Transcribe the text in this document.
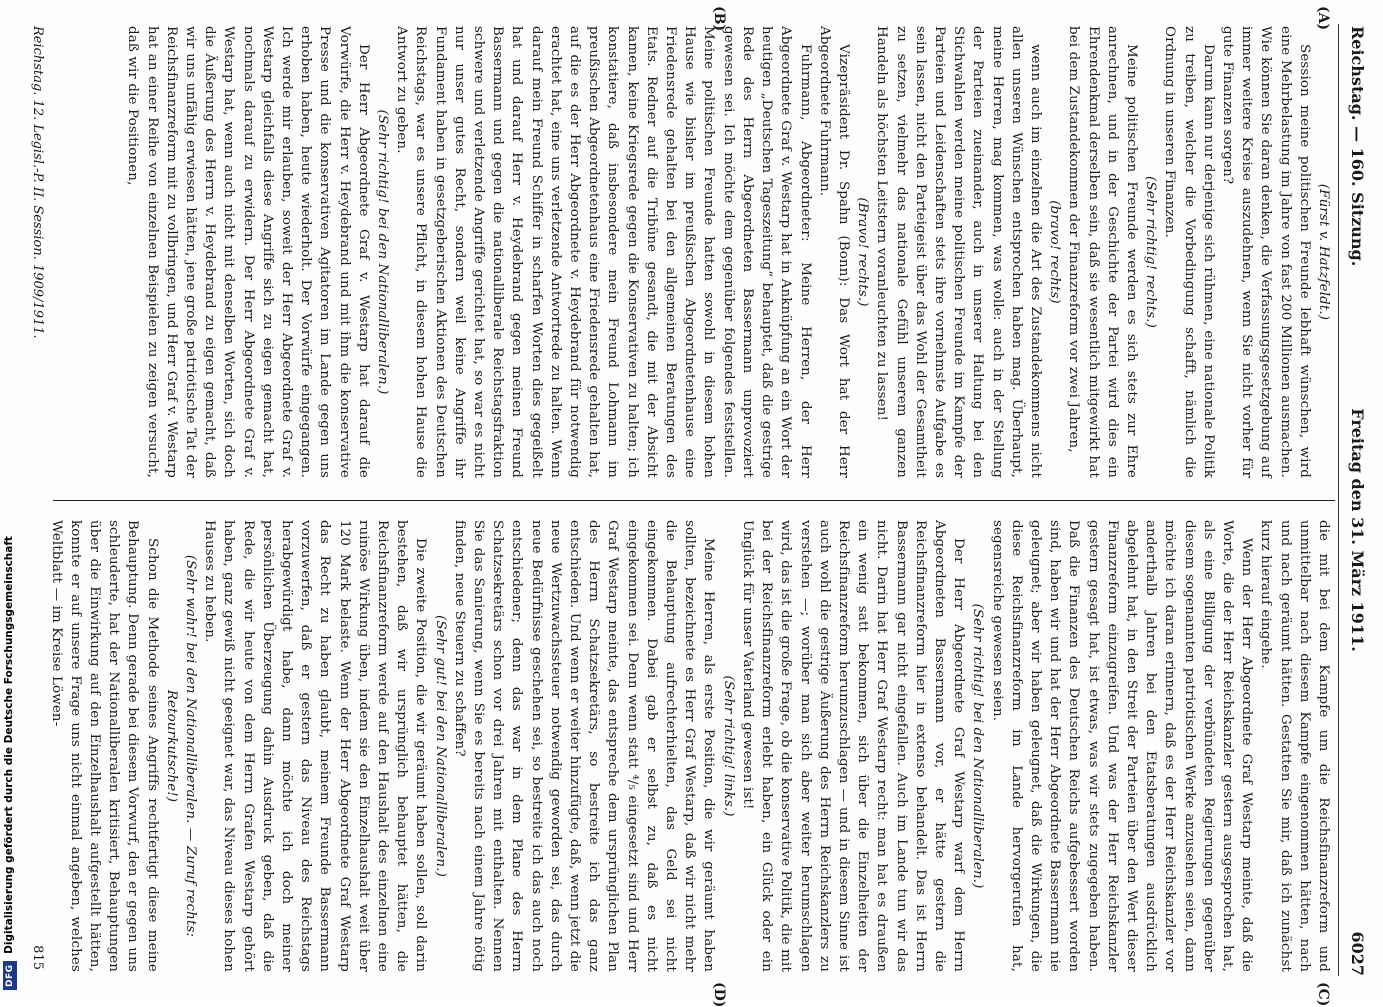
DFG Digitalisierung gefördert durch die Deutsche Forschungsgemeinschaft
Reichstag. — 160. Sitzung.
Freitag den 31. März 1911.
6027
(A)
(B)
(C)
(D)

(Fürst v. Hatzfeldt.)

Session meine politischen Freunde lebhaft wünschen, wird eine Mehrbelastung im Jahre von fast 200 Millionen ausmachen. Wie können Sie daran denken, die Verfassungsgesetzgebung auf immer weitere Kreise auszudehnen, wenn Sie nicht vorher für gute Finanzen sorgen?

Darum kann nur derjenige sich rühmen, eine nationale Politik zu treiben, welcher die Vorbedingung schafft, nämlich die Ordnung in unseren Finanzen.

(Sehr richtig! rechts.)

Meine politischen Freunde werden es sich stets zur Ehre anrechnen, und in der Geschichte der Partei wird dies ein Ehrendenkmal derselben sein, daß sie wesentlich mitgewirkt hat bei dem Zustandekommen der Finanzreform vor zwei Jahren,

(bravo! rechts)

wenn auch im einzelnen die Art des Zustandekommens nicht allen unseren Wünschen entsprochen haben mag. Überhaupt, meine Herren, mag kommen, was wolle: auch in der Stellung der Parteien zueinander, auch in unserer Haltung bei den Stichwahlen werden meine politischen Freunde im Kampfe der Parteien und Leidenschaften stets ihre vornehmste Aufgabe es sein lassen, nicht den Parteigeist über das Wohl der Gesamtheit zu setzen, vielmehr das nationale Gefühl unserem ganzen Handeln als höchsten Leitstern voranleuchten zu lassen!

(Bravo! rechts.)

Vizepräsident Dr. Spahn (Bonn): Das Wort hat der Herr Abgeordnete Fuhrmann.

Fuhrmann, Abgeordneter: Meine Herren, der Herr Abgeordnete Graf v. Westarp hat in Anknüpfung an ein Wort der heutigen „Deutschen Tageszeitung“ behauptet, daß die gestrige Rede des Herrn Abgeordneten Bassermann unprovoziert gewesen sei. Ich möchte dem gegenüber folgendes feststellen. Meine politischen Freunde hatten sowohl in diesem hohen Hause wie bisher im preußischen Abgeordnetenhause eine Friedensrede gehalten bei den allgemeinen Beratungen des Etats. Redner auf die Tribüne gesandt, die mit der Absicht kamen, keine Kriegsrede gegen die Konservativen zu halten; ich konstatiere, daß insbesondere mein Freund Lohmann im preußischen Abgeordnetenhaus eine Friedensrede gehalten hat, auf die es der Herr Abgeordnete v. Heydebrand für notwendig erachtet hat, eine uns verletzende Antwortrede zu halten. Wenn darauf mein Freund Schiffer in scharfen Worten dies gegeißelt hat und darauf Herr v. Heydebrand gegen meinen Freund Bassermann und gegen die nationalliberale Reichstagsfraktion schwere und verletzende Angriffe gerichtet hat, so war es nicht nur unser gutes Recht, sondern weil keine Angriffe ihr Fundament haben in gesetzgeberischen Aktionen des Deutschen Reichstags, war es unsere Pflicht, in diesem hohen Hause die Antwort zu geben.

(Sehr richtig! bei den Nationalliberalen.)

Der Herr Abgeordnete Graf v. Westarp hat darauf die Vorwürfe, die Herr v. Heydebrand und mit ihm die konservative Presse und die konservativen Agitatoren im Lande gegen uns erhoben haben, heute wiederholt. Der Vorwürfe eingegangen. Ich werde mir erlauben, soweit der Herr Abgeordnete Graf v. Westarp gleichfalls diese Angriffe sich zu eigen gemacht hat, nochmals darauf zu erwidern. Der Herr Abgeordnete Graf v. Westarp hat, wenn auch nicht mit denselben Worten, sich doch die Äußerung des Herrn v. Heydebrand zu eigen gemacht, daß wir uns unfähig erwiesen hätten, jene große patriotische Tat der Reichsfinanzreform mit zu vollbringen, und Herr Graf v. Westarp hat an einer Reihe von einzelnen Beispielen zu zeigen versucht, daß wir die Positionen,

die mit bei dem Kampfe um die Reichsfinanzreform und unmittelbar nach diesem Kampfe eingenommen hätten, nach und nach geräumt hätten. Gestatten Sie mir, daß ich zunächst kurz hierauf eingehe.

Wenn der Herr Abgeordnete Graf Westarp meinte, daß die Worte, die der Herr Reichskanzler gestern ausgesprochen hat, als eine Billigung der verbündeten Regierungen gegenüber diesem sogenannten patriotischen Werke anzusehen seien, dann möchte ich daran erinnern, daß es der Herr Reichskanzler vor anderthalb Jahren bei den Etatsberatungen ausdrücklich abgelehnt hat, in den Streit der Parteien über den Wert dieser Finanzreform einzugreifen. Und was der Herr Reichskanzler gestern gesagt hat, ist etwas, was wir stets zugegeben haben. Daß die Finanzen des Deutschen Reichs aufgebessert worden sind, haben wir und hat der Herr Abgeordnete Bassermann nie geleugnet; aber wir haben geleugnet, daß die Wirkungen, die diese Reichsfinanzreform im Lande hervorgerufen hat, segensreiche gewesen seien.

(Sehr richtig! bei den Nationalliberalen.)

Der Herr Abgeordnete Graf Westarp warf dem Herrn Abgeordneten Bassermann vor, er hätte gestern die Reichsfinanzreform hier in extenso behandelt. Das ist Herrn Bassermann gar nicht eingefallen. Auch im Lande tun wir das nicht. Darin hat Herr Graf Westarp recht: man hat es draußen ein wenig satt bekommen, sich über die Einzelheiten der Reichsfinanzreform herumzuschlagen — und in diesem Sinne ist auch wohl die gestrige Äußerung des Herrn Reichskanzlers zu verstehen —; worüber man sich aber weiter herumschlagen wird, das ist die große Frage, ob die konservative Politik, die mit bei der Reichsfinanzreform erlebt haben, ein Glück oder ein Unglück für unser Vaterland gewesen ist!

(Sehr richtig! links.)

Meine Herren, als erste Position, die wir geräumt haben sollten, bezeichnete es Herr Graf Westarp, daß wir nicht mehr die Behauptung aufrechterhielten, das Geld sei nicht eingekommen. Dabei gab er selbst zu, daß es nicht eingekommen sei. Denn wenn statt ⁴/₅ eingesetzt sind und Herr Graf Westarp meinte, das entspreche dem ursprünglichen Plan des Herrn Schatzsekretärs, so bestreite ich das ganz entschieden. Und wenn er weiter hinzufügte, daß, wenn jetzt die neue Wertzuwachssteuer notwendig geworden sei, das durch neue Bedürfnisse geschehen sei, so bestreite ich das auch noch entschiedener; denn das war in dem Plane des Herrn Schatzsekretärs schon vor drei Jahren mit enthalten. Nennen Sie das Sanierung, wenn Sie es bereits nach einem Jahre nötig finden, neue Steuern zu schaffen?

(Sehr gut! bei den Nationalliberalen.)

Die zweite Position, die wir geräumt haben sollen, soll darin bestehen, daß wir ursprünglich behauptet hätten, die Reichsfinanzreform werde auf den Haushalt des einzelnen eine ruinöse Wirkung üben, indem sie den Einzelhaushalt weit über 120 Mark belaste. Wenn der Herr Abgeordnete Graf Westarp das Recht zu haben glaubt, meinem Freunde Bassermann vorzuwerfen, daß er gestern das Niveau des Reichstags herabgewürdigt habe, dann möchte ich doch meiner persönlichen Überzeugung dahin Ausdruck geben, daß die Rede, die wir heute von dem Herrn Grafen Westarp gehört haben, ganz gewiß nicht geeignet war, das Niveau dieses hohen Hauses zu heben.

(Sehr wahr! bei den Nationalliberalen. — Zuruf rechts: Retourkutsche!)

Schon die Methode seines Angriffs rechtfertigt diese meine Behauptung. Denn gerade bei diesem Vorwurf, den er gegen uns schleuderte, hat der Nationalliberalen kritisiert, Behauptungen über die Einwirkung auf den Einzelhaushalt aufgestellt hätten, konnte er auf unsere Frage uns nicht einmal angeben, welches Weltblatt — im Kreise Löwen-

Reichstag. 12. Legisl.-P. II. Session. 1909/1911.
815
